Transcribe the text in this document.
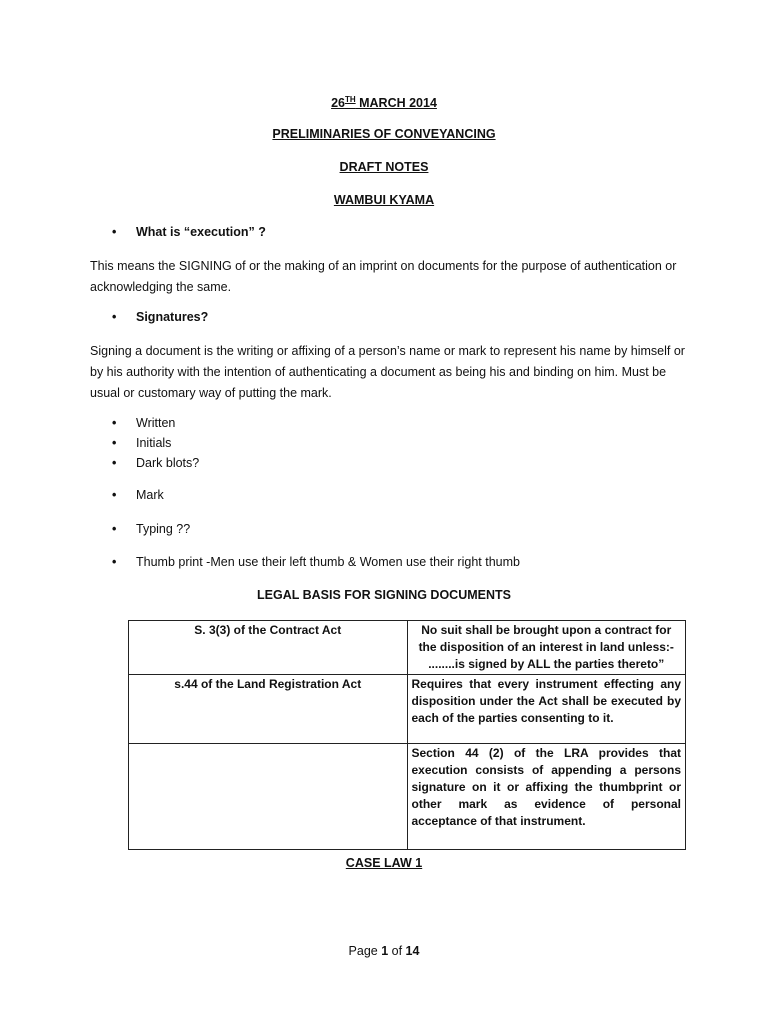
26TH MARCH 2014
PRELIMINARIES OF CONVEYANCING
DRAFT NOTES
WAMBUI KYAMA
• What is “execution” ?
This means the SIGNING of or the making of an imprint on documents for the purpose of authentication or acknowledging the same.
• Signatures?
Signing a document is the writing or affixing of a person’s name or mark to represent his name by himself or by his authority with the intention of authenticating a document as being his and binding on him. Must be usual or customary way of putting the mark.
• Written
• Initials
• Dark blots?
• Mark
• Typing ??
• Thumb print -Men use their left thumb & Women use their right thumb
LEGAL BASIS FOR SIGNING DOCUMENTS
S. 3(3) of the Contract Act	No suit shall be brought upon a contract for the disposition of an interest in land unless:- ........is signed by ALL the parties thereto”
s.44 of the Land Registration Act	Requires that every instrument effecting any disposition under the Act shall be executed by each of the parties consenting to it.
	Section 44 (2) of the LRA provides that execution consists of appending a persons signature on it or affixing the thumbprint or other mark as evidence of personal acceptance of that instrument.
CASE LAW 1
Page 1 of 14
